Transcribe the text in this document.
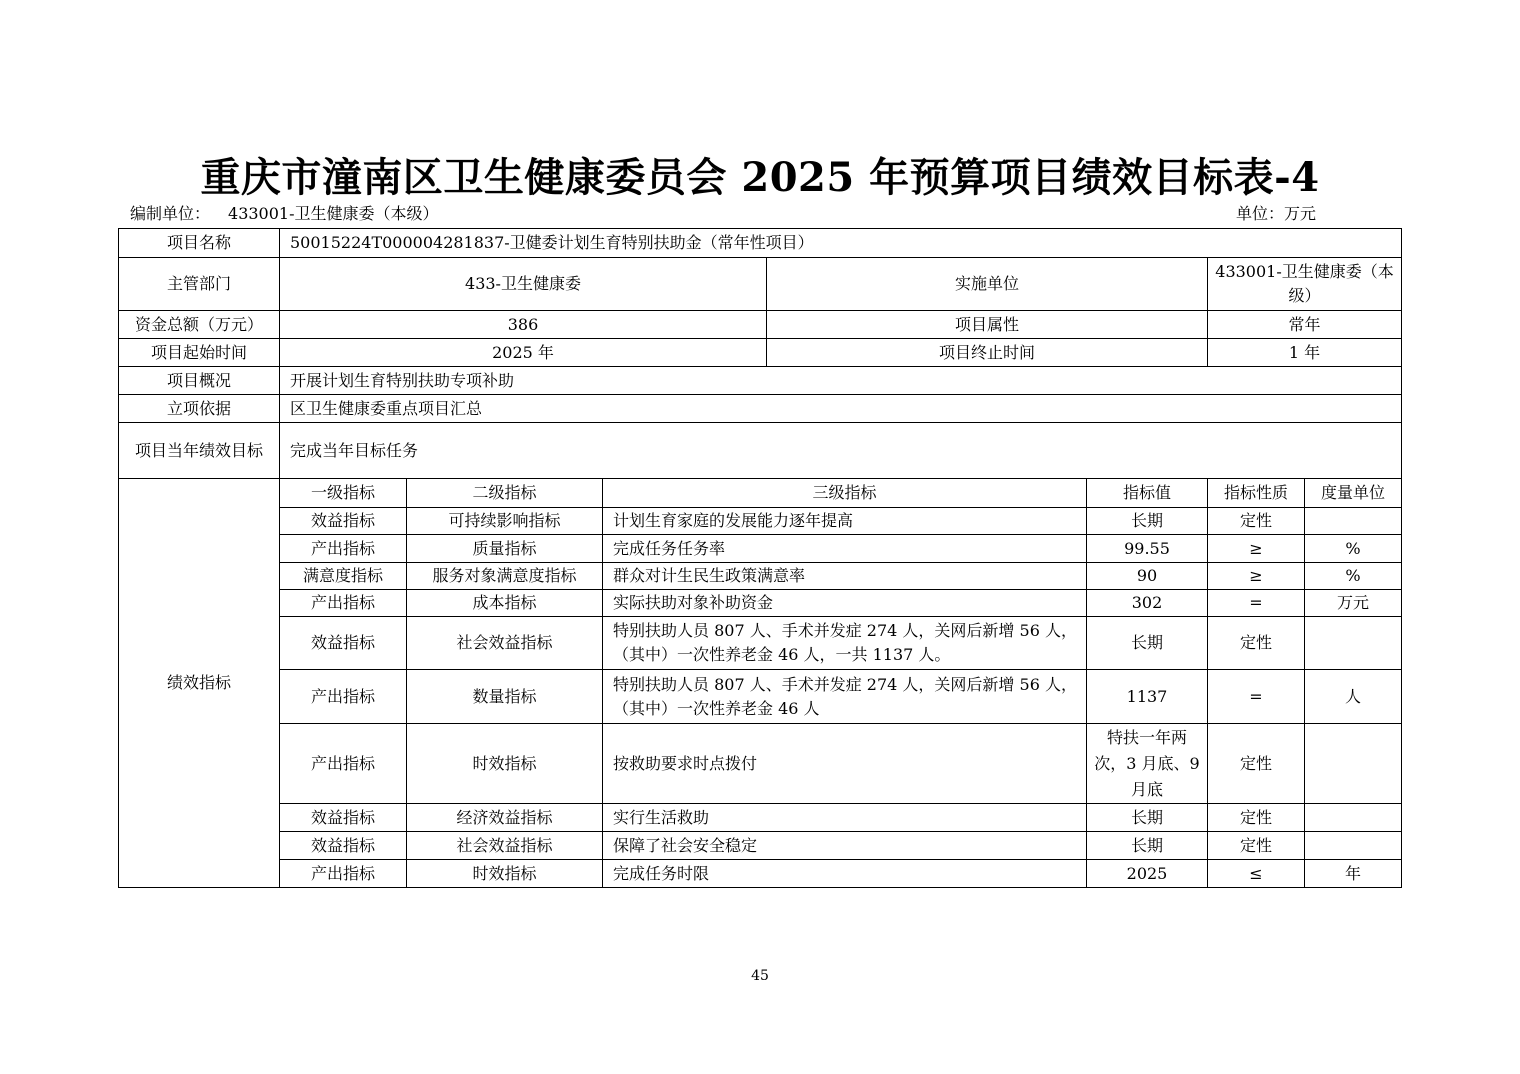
重庆市潼南区卫生健康委员会 2025 年预算项目绩效目标表-4
编制单位： 433001-卫生健康委（本级）	单位：万元
项目名称	50015224T000004281837-卫健委计划生育特别扶助金（常年性项目）						
主管部门	433-卫生健康委			实施单位		433001-卫生健康委（本级）	
资金总额（万元）	386			项目属性		常年	
项目起始时间	2025 年			项目终止时间		1 年	
项目概况	开展计划生育特别扶助专项补助						
立项依据	区卫生健康委重点项目汇总						
项目当年绩效目标	完成当年目标任务						
绩效指标	一级指标	二级指标	三级指标		指标值	指标性质	度量单位
	效益指标	可持续影响指标	计划生育家庭的发展能力逐年提高		长期	定性	
	产出指标	质量指标	完成任务任务率		99.55	≥	%
	满意度指标	服务对象满意度指标	群众对计生民生政策满意率		90	≥	%
	产出指标	成本指标	实际扶助对象补助资金		302	=	万元
	效益指标	社会效益指标	特别扶助人员 807 人、手术并发症 274 人，关网后新增 56 人，（其中）一次性养老金 46 人，一共 1137 人。		长期	定性	
	产出指标	数量指标	特别扶助人员 807 人、手术并发症 274 人，关网后新增 56 人，（其中）一次性养老金 46 人		1137	=	人
	产出指标	时效指标	按救助要求时点拨付		特扶一年两次，3 月底、9 月底	定性	
	效益指标	经济效益指标	实行生活救助		长期	定性	
	效益指标	社会效益指标	保障了社会安全稳定		长期	定性	
	产出指标	时效指标	完成任务时限		2025	≤	年
45
